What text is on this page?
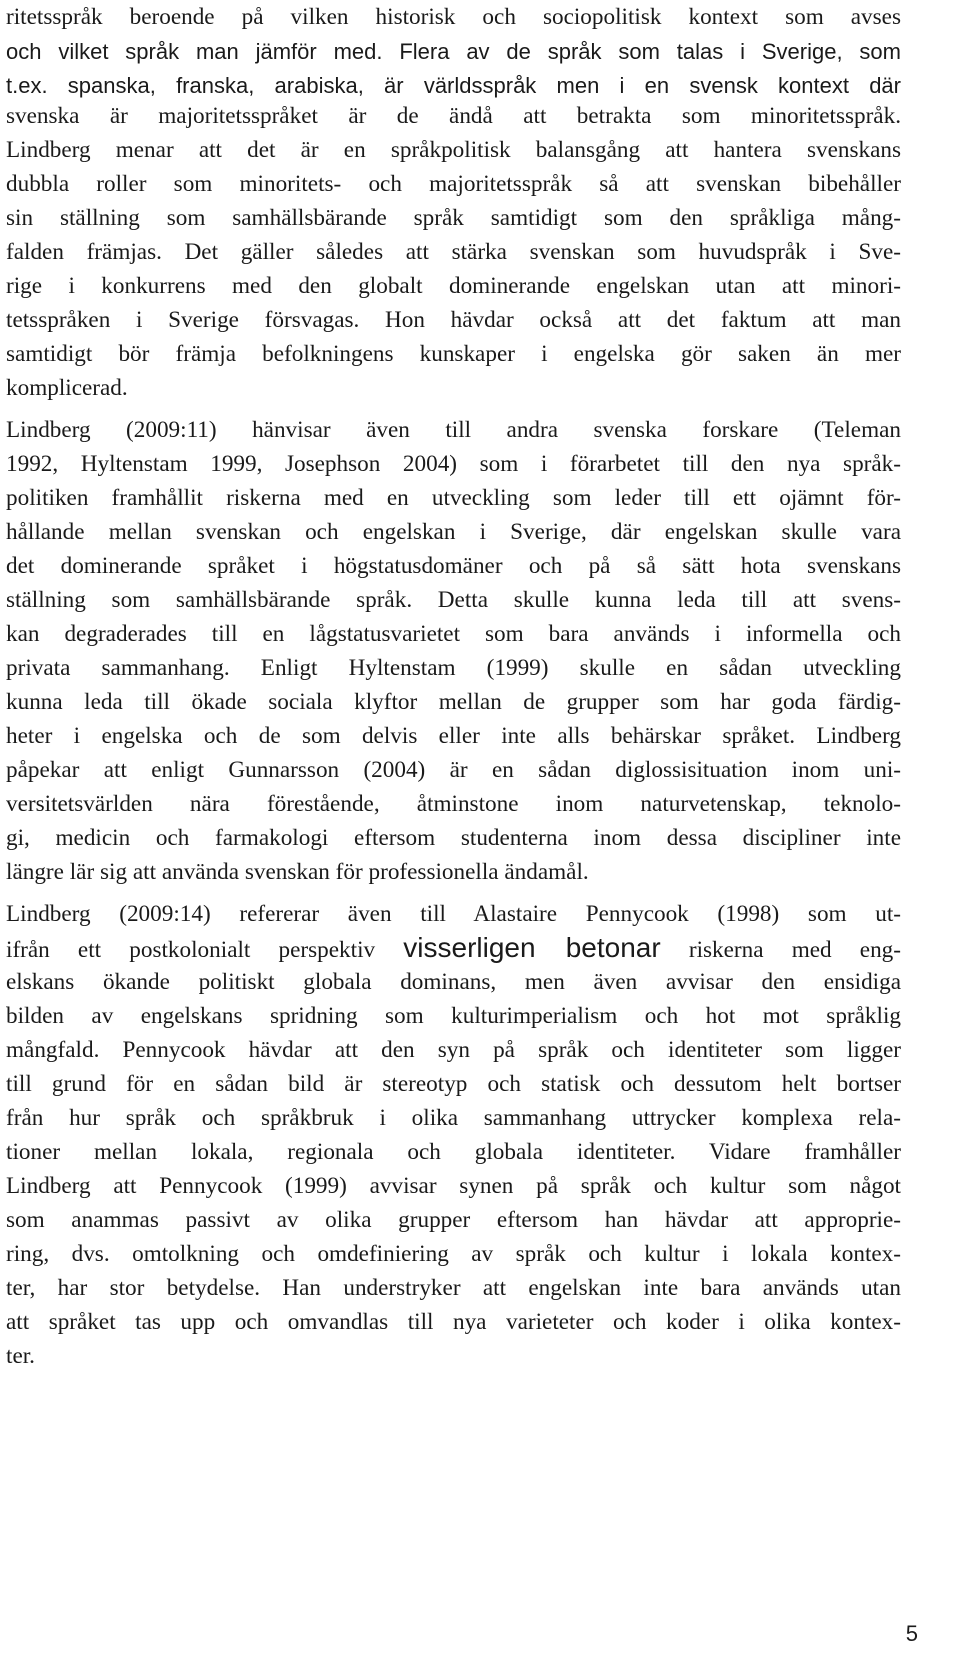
ritetsspråk beroende på vilken historisk och sociopolitisk kontext som avses
och vilket språk man jämför med. Flera av de språk som talas i Sverige, som
t.ex. spanska, franska, arabiska, är världsspråk men i en svensk kontext där
svenska är majoritetsspråket är de ändå att betrakta som minoritetsspråk.
Lindberg menar att det är en språkpolitisk balansgång att hantera svenskans
dubbla roller som minoritets- och majoritetsspråk så att svenskan bibehåller
sin ställning som samhällsbärande språk samtidigt som den språkliga mång-
falden främjas. Det gäller således att stärka svenskan som huvudspråk i Sve-
rige i konkurrens med den globalt dominerande engelskan utan att minori-
tetsspråken i Sverige försvagas. Hon hävdar också att det faktum att man
samtidigt bör främja befolkningens kunskaper i engelska gör saken än mer
komplicerad.
Lindberg (2009:11) hänvisar även till andra svenska forskare (Teleman
1992, Hyltenstam 1999, Josephson 2004) som i förarbetet till den nya språk-
politiken framhållit riskerna med en utveckling som leder till ett ojämnt för-
hållande mellan svenskan och engelskan i Sverige, där engelskan skulle vara
det dominerande språket i högstatusdomäner och på så sätt hota svenskans
ställning som samhällsbärande språk. Detta skulle kunna leda till att svens-
kan degraderades till en lågstatusvarietet som bara används i informella och
privata sammanhang. Enligt Hyltenstam (1999) skulle en sådan utveckling
kunna leda till ökade sociala klyftor mellan de grupper som har goda färdig-
heter i engelska och de som delvis eller inte alls behärskar språket. Lindberg
påpekar att enligt Gunnarsson (2004) är en sådan diglossisituation inom uni-
versitetsvärlden nära förestående, åtminstone inom naturvetenskap, teknolo-
gi, medicin och farmakologi eftersom studenterna inom dessa discipliner inte
längre lär sig att använda svenskan för professionella ändamål.
Lindberg (2009:14) refererar även till Alastaire Pennycook (1998) som ut-
ifrån ett postkolonialt perspektiv visserligen betonar riskerna med eng-
elskans ökande politiskt globala dominans, men även avvisar den ensidiga
bilden av engelskans spridning som kulturimperialism och hot mot språklig
mångfald. Pennycook hävdar att den syn på språk och identiteter som ligger
till grund för en sådan bild är stereotyp och statisk och dessutom helt bortser
från hur språk och språkbruk i olika sammanhang uttrycker komplexa rela-
tioner mellan lokala, regionala och globala identiteter. Vidare framhåller
Lindberg att Pennycook (1999) avvisar synen på språk och kultur som något
som anammas passivt av olika grupper eftersom han hävdar att approprie-
ring, dvs. omtolkning och omdefiniering av språk och kultur i lokala kontex-
ter, har stor betydelse. Han understryker att engelskan inte bara används utan
att språket tas upp och omvandlas till nya varieteter och koder i olika kontex-
ter.
5
